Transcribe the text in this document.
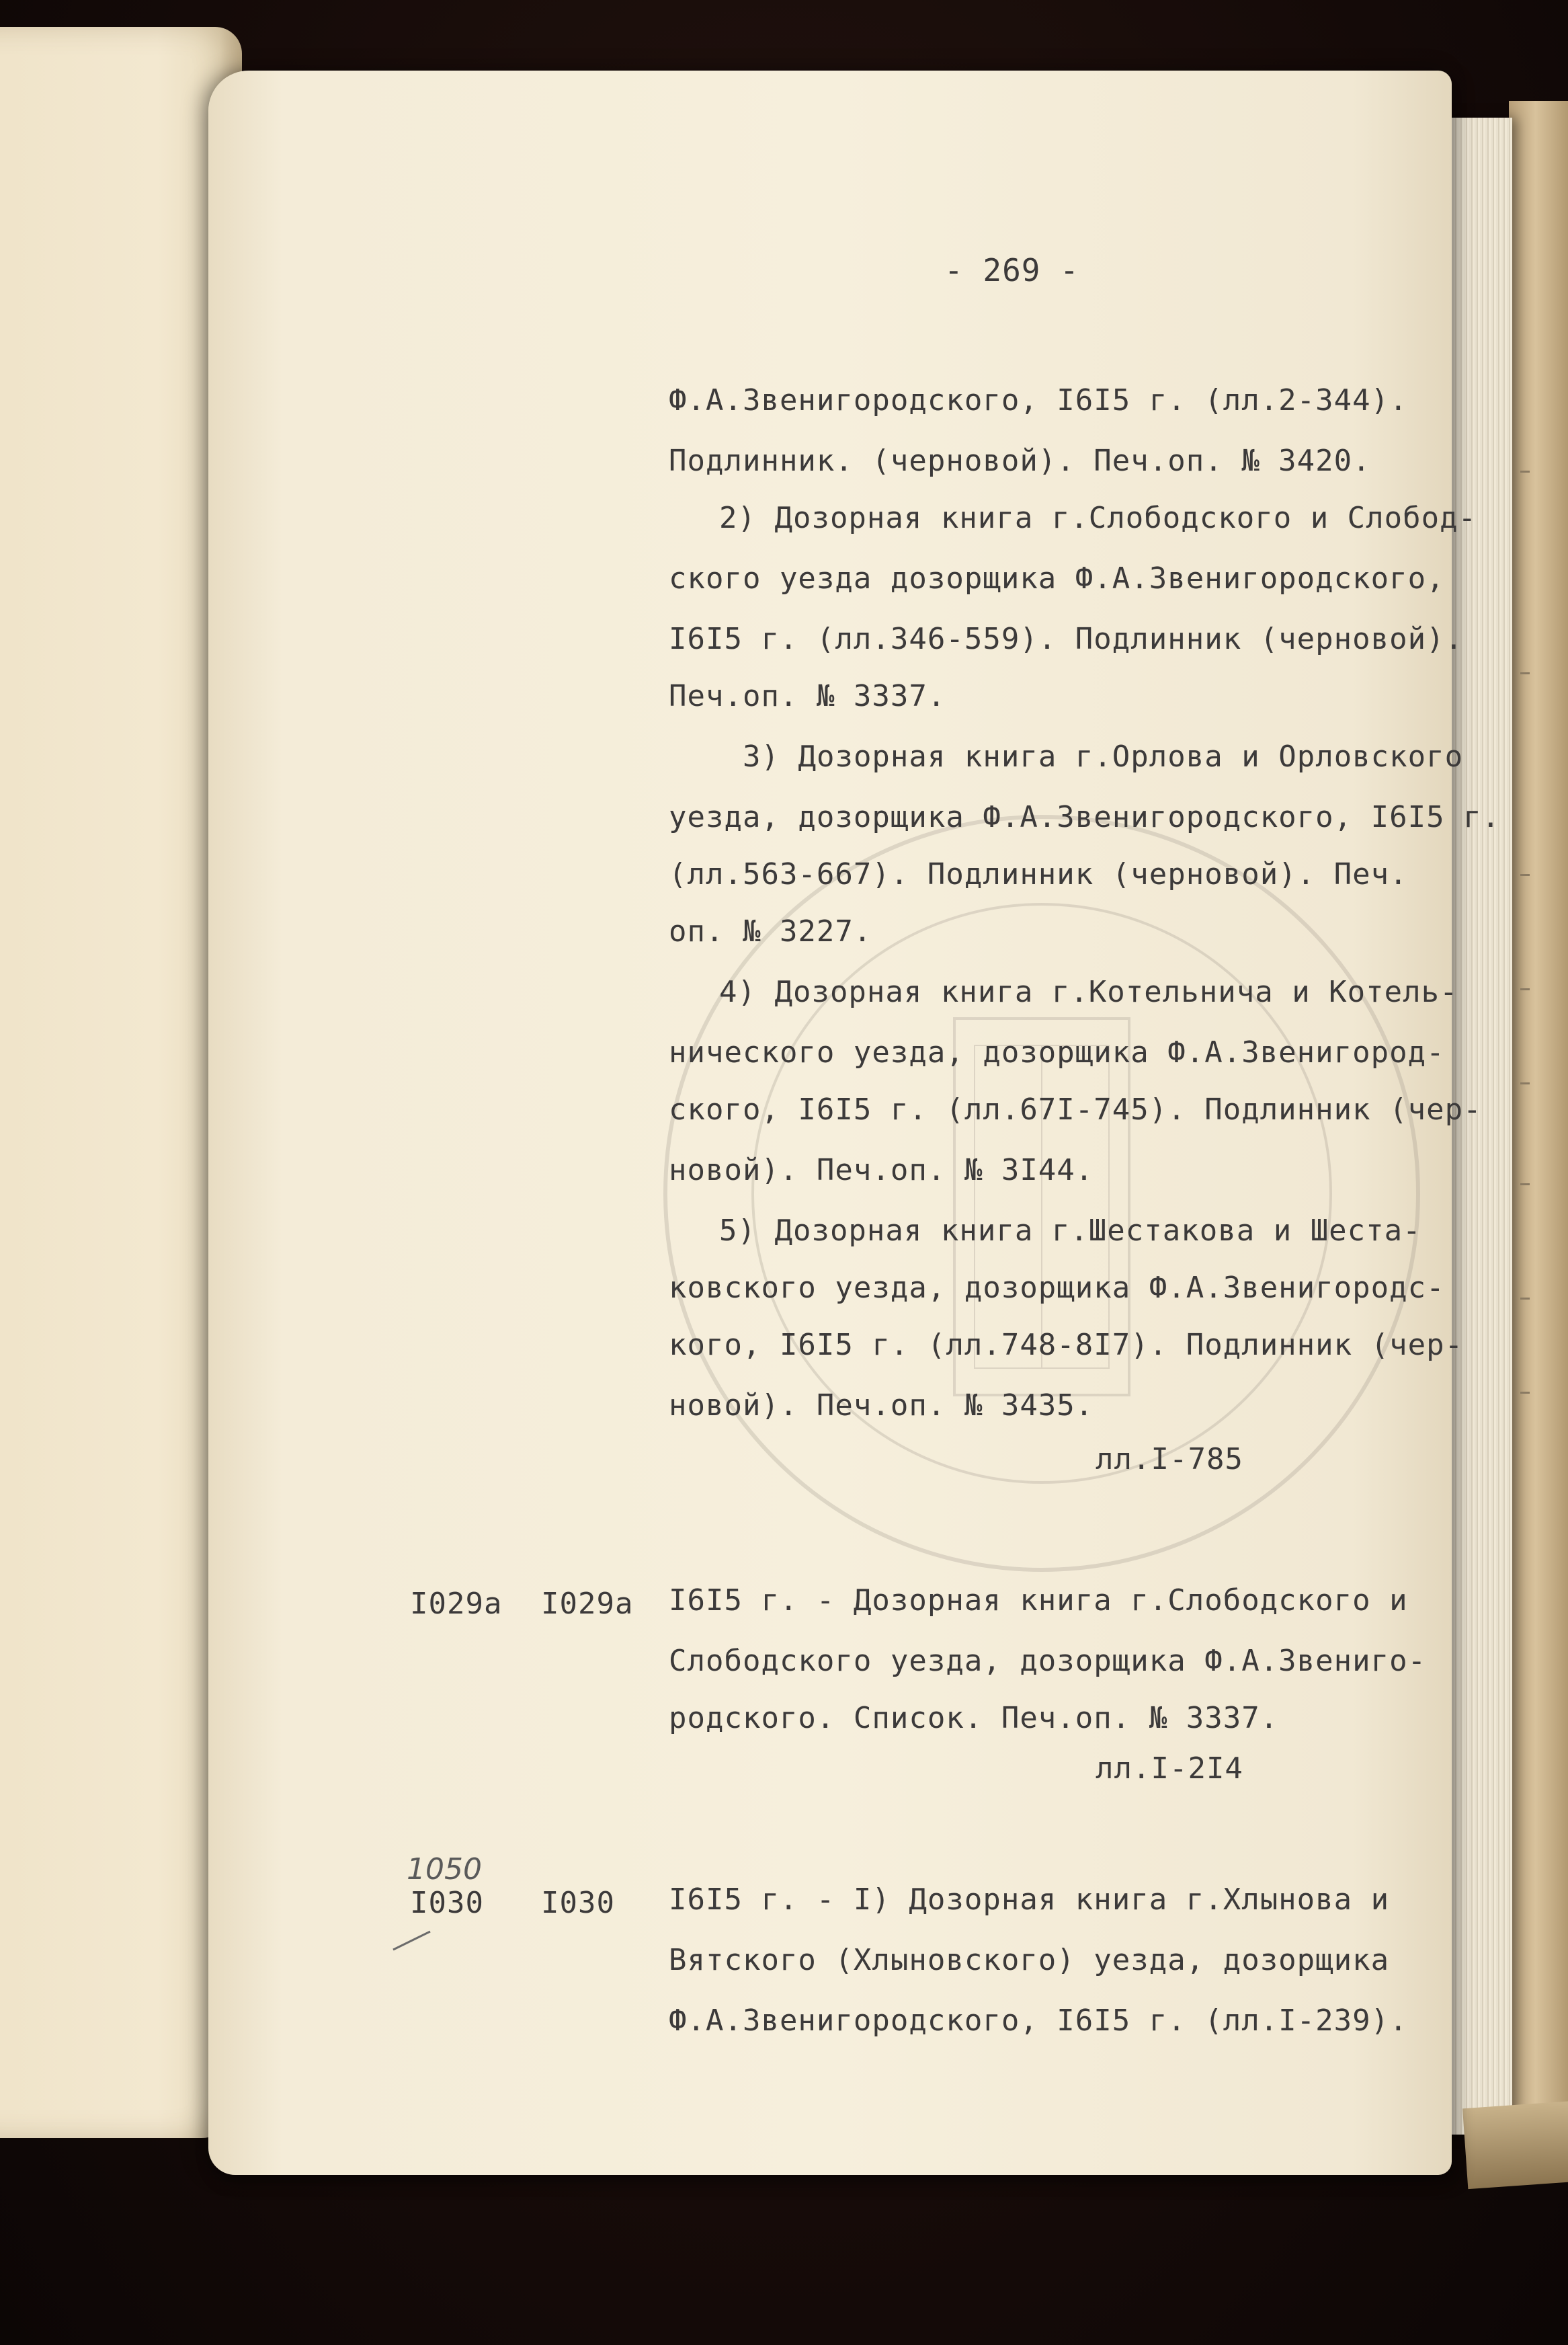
- 269 -
Ф.А.Звенигородского, I6I5 г. (лл.2-344).
Подлинник. (черновой). Печ.оп. № 3420.
2) Дозорная книга г.Слободского и Слобод-
ского уезда дозорщика Ф.А.Звенигородского,
I6I5 г. (лл.346-559). Подлинник (черновой).
Печ.оп. № 3337.
3) Дозорная книга г.Орлова и Орловского
уезда, дозорщика Ф.А.Звенигородского, I6I5 г.
(лл.563-667). Подлинник (черновой). Печ.
оп. № 3227.
4) Дозорная книга г.Котельнича и Котель-
нического уезда, дозорщика Ф.А.Звенигород-
ского, I6I5 г. (лл.67I-745). Подлинник (чер-
новой). Печ.оп. № 3I44.
5) Дозорная книга г.Шестакова и Шеста-
ковского уезда, дозорщика Ф.А.Звенигородс-
кого, I6I5 г. (лл.748-8I7). Подлинник (чер-
новой). Печ.оп. № 3435.
лл.I-785
I029а I029а I6I5 г. - Дозорная книга г.Слободского и
Слободского уезда, дозорщика Ф.А.Звениго-
родского. Список. Печ.оп. № 3337.
лл.I-2I4
1050
I030 I030 I6I5 г. - I) Дозорная книга г.Хлынова и
Вятского (Хлыновского) уезда, дозорщика
Ф.А.Звенигородского, I6I5 г. (лл.I-239).
